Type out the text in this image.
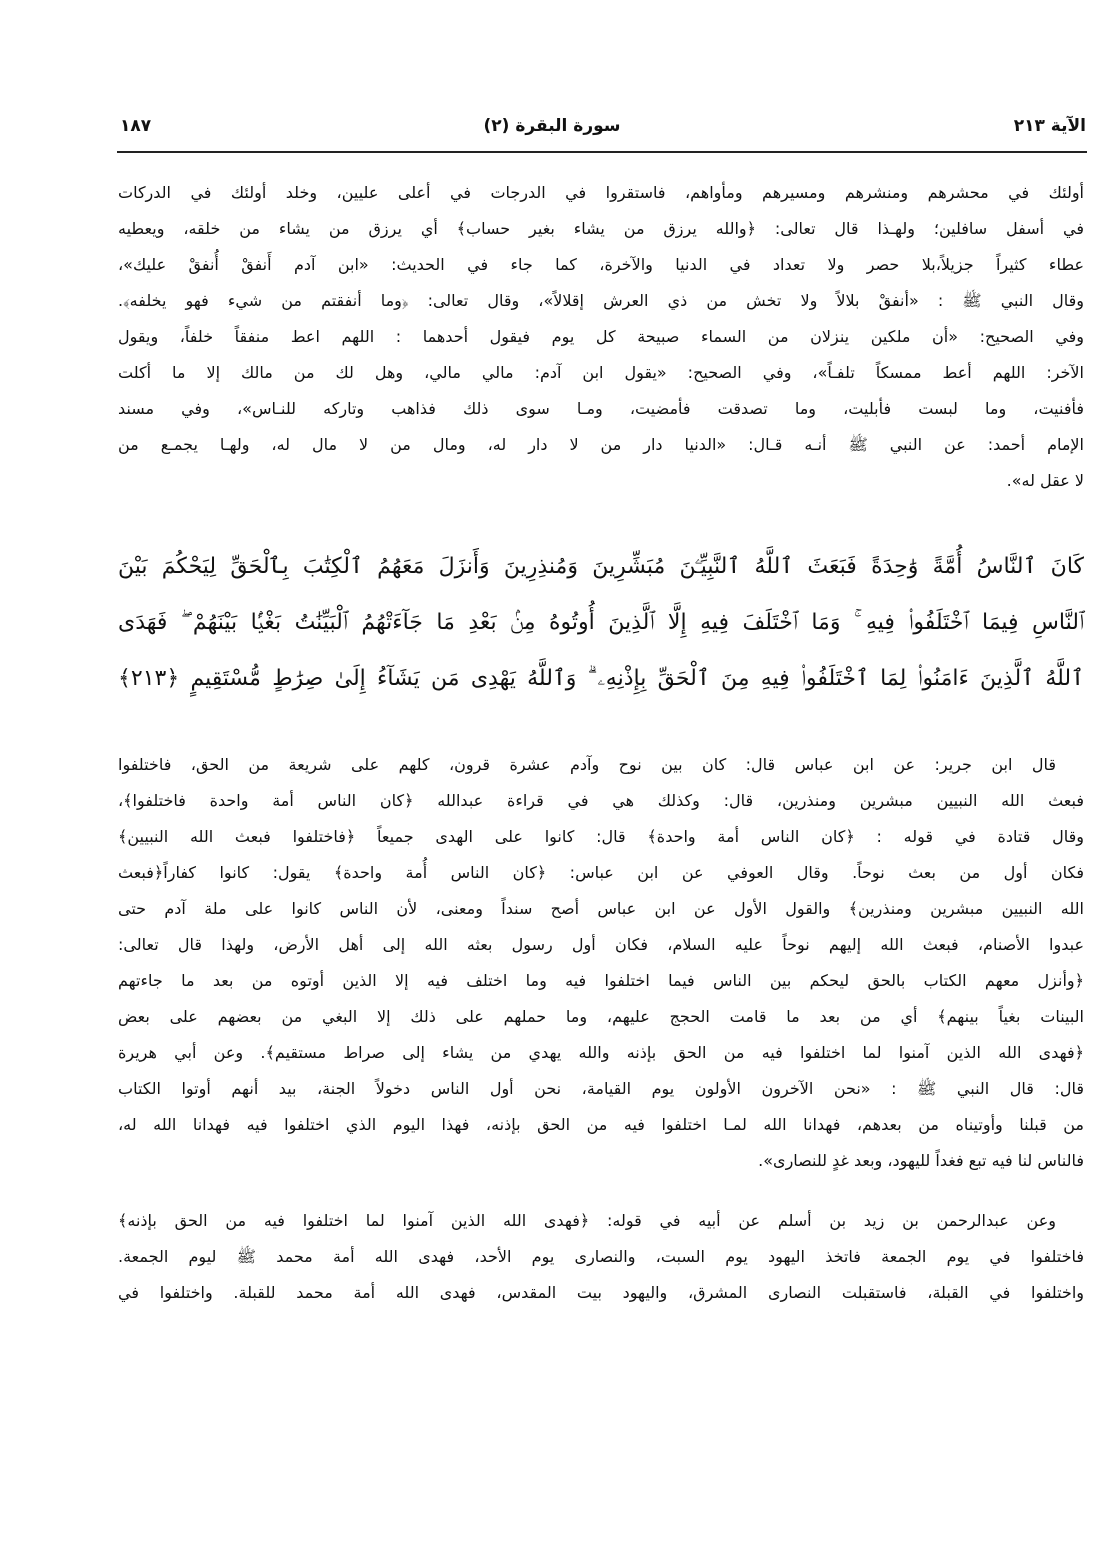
الآية ٢١٣
(٢) سورة البقرة
١٨٧
أولئك في محشرهم ومنشرهم ومسيرهم ومأواهم، فاستقروا في الدرجات في أعلى عليين، وخلد أولئك في الدركات
في أسفل سافلين؛ ولهـذا قال تعالى: ﴿والله يرزق من يشاء بغير حساب﴾ أي يرزق من يشاء من خلقه، ويعطيه
عطاء كثيراً جزيلاً،بلا حصر ولا تعداد في الدنيا والآخرة، كما جاء في الحديث: «ابن آدم أَنفقْ أُنفقْ عليك»،
وقال النبي ﷺ : «أنفقْ بلالاً ولا تخش من ذي العرش إقلالاً»، وقال تعالى: ﴿وما أنفقتم من شيء فهو يخلفه﴾.
وفي الصحيح: «أن ملكين ينزلان من السماء صبيحة كل يوم فيقول أحدهما : اللهم اعط منفقاً خلفاً، ويقول
الآخر: اللهم أعط ممسكاً تلفـاً»، وفي الصحيح: «يقول ابن آدم: مالي مالي، وهل لك من مالك إلا ما أكلت
فأفنيت، وما لبست فأبليت، وما تصدقت فأمضيت، ومـا سوى ذلك فذاهب وتاركه للنـاس»، وفي مسند
الإمام أحمد: عن النبي ﷺ أنـه قـال: «الدنيا دار من لا دار له، ومال من لا مال له، ولهـا يجمـع من
لا عقل له».
كَانَ ٱلنَّاسُ أُمَّةً وَٰحِدَةً فَبَعَثَ ٱللَّهُ ٱلنَّبِيِّـۧنَ مُبَشِّرِينَ وَمُنذِرِينَ وَأَنزَلَ مَعَهُمُ ٱلْكِتَٰبَ بِٱلْحَقِّ لِيَحْكُمَ بَيْنَ
ٱلنَّاسِ فِيمَا ٱخْتَلَفُوا۟ فِيهِ ۚ وَمَا ٱخْتَلَفَ فِيهِ إِلَّا ٱلَّذِينَ أُوتُوهُ مِنۢ بَعْدِ مَا جَآءَتْهُمُ ٱلْبَيِّنَٰتُ بَغْيًۢا بَيْنَهُمْ ۖ فَهَدَى
ٱللَّهُ ٱلَّذِينَ ءَامَنُوا۟ لِمَا ٱخْتَلَفُوا۟ فِيهِ مِنَ ٱلْحَقِّ بِإِذْنِهِۦ ۗ وَٱللَّهُ يَهْدِى مَن يَشَآءُ إِلَىٰ صِرَٰطٍ مُّسْتَقِيمٍ ﴿٢١٣﴾
قال ابن جرير: عن ابن عباس قال: كان بين نوح وآدم عشرة قرون، كلهم على شريعة من الحق، فاختلفوا
فبعث الله النبيين مبشرين ومنذرين، قال: وكذلك هي في قراءة عبدالله ﴿كان الناس أمة واحدة فاختلفوا﴾،
وقال قتادة في قوله : ﴿كان الناس أمة واحدة﴾ قال: كانوا على الهدى جميعاً ﴿فاختلفوا فبعث الله النبيين﴾
فكان أول من بعث نوحاً. وقال العوفي عن ابن عباس: ﴿كان الناس أُمة واحدة﴾ يقول: كانوا كفاراً﴿فبعث
الله النبيين مبشرين ومنذرين﴾ والقول الأول عن ابن عباس أصح سنداً ومعنى، لأن الناس كانوا على ملة آدم حتى
عبدوا الأصنام، فبعث الله إليهم نوحاً عليه السلام، فكان أول رسول بعثه الله إلى أهل الأرض، ولهذا قال تعالى:
﴿وأنزل معهم الكتاب بالحق ليحكم بين الناس فيما اختلفوا فيه وما اختلف فيه إلا الذين أوتوه من بعد ما جاءتهم
البينات بغياً بينهم﴾ أي من بعد ما قامت الحجج عليهم، وما حملهم على ذلك إلا البغي من بعضهم على بعض
﴿فهدى الله الذين آمنوا لما اختلفوا فيه من الحق بإذنه والله يهدي من يشاء إلى صراط مستقيم﴾. وعن أبي هريرة
قال: قال النبي ﷺ : «نحن الآخرون الأولون يوم القيامة، نحن أول الناس دخولاً الجنة، بيد أنهم أوتوا الكتاب
من قبلنا وأوتيناه من بعدهم، فهدانا الله لمـا اختلفوا فيه من الحق بإذنه، فهذا اليوم الذي اختلفوا فيه فهدانا الله له،
فالناس لنا فيه تبع فغداً لليهود، وبعد غدٍ للنصارى».
وعن عبدالرحمن بن زيد بن أسلم عن أبيه في قوله: ﴿فهدى الله الذين آمنوا لما اختلفوا فيه من الحق بإذنه﴾
فاختلفوا في يوم الجمعة فاتخذ اليهود يوم السبت، والنصارى يوم الأحد، فهدى الله أمة محمد ﷺ ليوم الجمعة.
واختلفوا في القبلة، فاستقبلت النصارى المشرق، واليهود بيت المقدس، فهدى الله أمة محمد للقبلة. واختلفوا في
